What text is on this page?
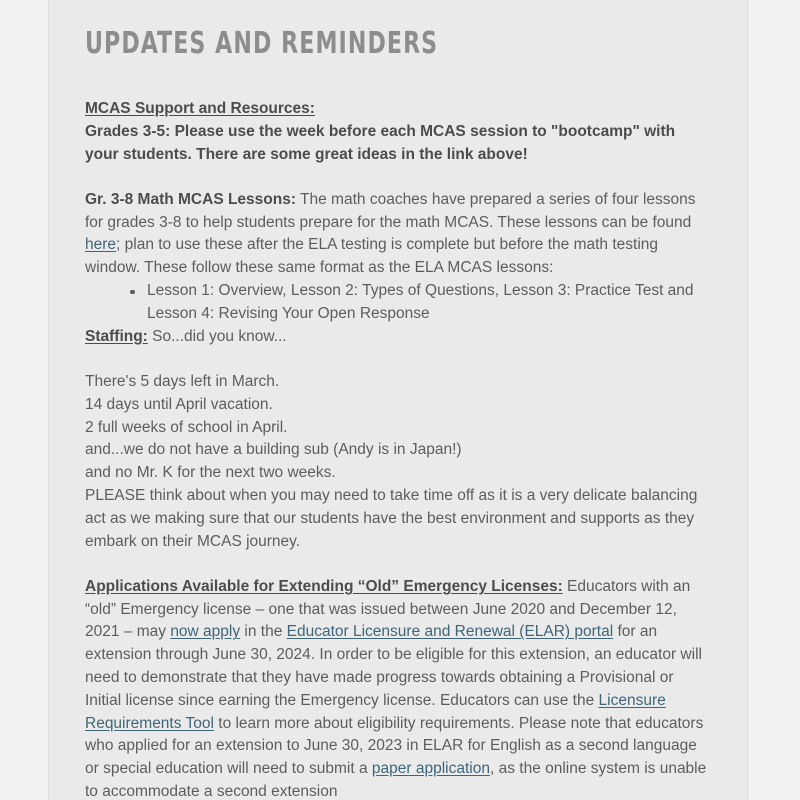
UPDATES AND REMINDERS

MCAS Support and Resources:

Grades 3-5: Please use the week before each MCAS session to "bootcamp" with your students. There are some great ideas in the link above!

Gr. 3-8 Math MCAS Lessons: The math coaches have prepared a series of four lessons for grades 3-8 to help students prepare for the math MCAS. These lessons can be found here; plan to use these after the ELA testing is complete but before the math testing window. These follow these same format as the ELA MCAS lessons:

Lesson 1: Overview, Lesson 2: Types of Questions, Lesson 3: Practice Test and Lesson 4: Revising Your Open Response

Staffing: So...did you know...

There's 5 days left in March.

14 days until April vacation.

2 full weeks of school in April.

and...we do not have a building sub (Andy is in Japan!)

and no Mr. K for the next two weeks.

PLEASE think about when you may need to take time off as it is a very delicate balancing act as we making sure that our students have the best environment and supports as they embark on their MCAS journey.

Applications Available for Extending “Old” Emergency Licenses: Educators with an “old” Emergency license – one that was issued between June 2020 and December 12, 2021 – may now apply in the Educator Licensure and Renewal (ELAR) portal for an extension through June 30, 2024. In order to be eligible for this extension, an educator will need to demonstrate that they have made progress towards obtaining a Provisional or Initial license since earning the Emergency license. Educators can use the Licensure Requirements Tool to learn more about eligibility requirements. Please note that educators who applied for an extension to June 30, 2023 in ELAR for English as a second language or special education will need to submit a paper application, as the online system is unable to accommodate a second extension
